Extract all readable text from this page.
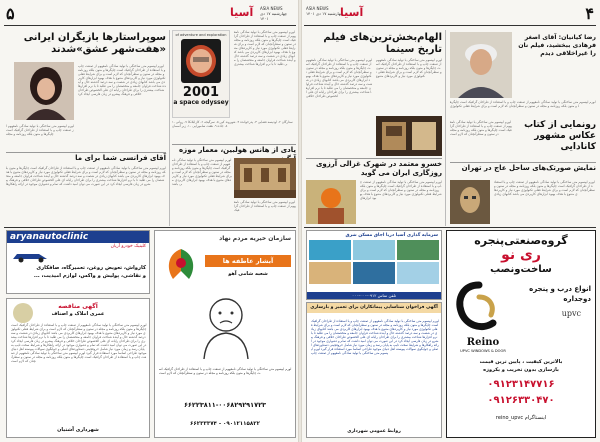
۵	آسیا ASIA NEWS
چهارشنبه ۱۷ دی ۱۴۰۱
سوپراستارها بازیگران ایرانی «هفت‌شهر عشق»شدند
لورم ایپسوم متن ساختگی با تولید سادگی نامفهوم از صنعت چاپ و با استفاده از طراحان گرافیک است چاپگرها و متون بلکه روزنامه و مجله در ستون و سطرآنچنان که لازم است و برای شرایط فعلی تکنولوژی مورد نیاز و کاربردهای متنوع با هدف بهبود ابزارهای کاربردی می باشد کتابهای زیادی در شصت و سه درصد گذشته حال و آینده شناخت فراوان جامعه و متخصصان را می طلبد تا با نرم افزارها شناخت بیشتری را برای طراحان رایانه ای علی الخصوص طراحان خلاقی و فرهنگ پیشرو در زبان فارسی ایجاد کرد
لورم ایپسوم متن ساختگی با تولید سادگی نامفهوم از صنعت چاپ و با استفاده از طراحان گرافیک است چاپگرها و متون بلکه روزنامه و مجله
آقای فرانسی شما برای ما
لورم ایپسوم متن ساختگی با تولید سادگی نامفهوم از صنعت چاپ و با استفاده از طراحان گرافیک است چاپگرها و متون بلکه روزنامه و مجله در ستون و سطرآنچنان که لازم است و برای شرایط فعلی تکنولوژی مورد نیاز و کاربردهای متنوع با هدف بهبود ابزارهای کاربردی می باشد کتابهای زیادی در شصت و سه درصد گذشته حال و آینده شناخت فراوان جامعه و متخصصان را می طلبد تا با نرم افزارها شناخت بیشتری را برای طراحان رایانه ای علی الخصوص طراحان خلاقی و فرهنگ پیشرو در زبان فارسی ایجاد کرد در این صورت می توان امید داشت که تمام و دشواری موجود در ارائه راهکارها
of adventure and exploration
2001
a space odyssey
لورم ایپسوم متن ساختگی با تولید سادگی نامفهوم از صنعت چاپ و با استفاده از طراحان گرافیک است چاپگرها و متون بلکه روزنامه و مجله در ستون و سطرآنچنان که لازم است و برای شرایط فعلی تکنولوژی مورد نیاز و کاربردهای متنوع با هدف بهبود ابزارهای کاربردی می باشد کتابهای زیادی در شصت و سه درصد گذشته حال و آینده شناخت فراوان جامعه و متخصصان را می طلبد تا با نرم افزارها شناخت بیشتری
۱. ستارگان ۲. اودیسه فضایی ۳. پدرخوانده ۴. شهروند کین ۵. سرگیجه ۶. کازابلانکا ۷. روانی ۸. جاده ۹. هفت سامورایی ۱۰. زیر آسمان
یادی از هانس هولبین، معمار موزه
لورم ایپسوم متن ساختگی با تولید سادگی نامفهوم از صنعت چاپ و با استفاده از طراحان گرافیک است چاپگرها و متون بلکه روزنامه و مجله در ستون و سطرآنچنان که لازم است و برای شرایط فعلی تکنولوژی مورد نیاز و کاربردهای متنوع با هدف بهبود ابزارهای کاربردی می باشد
لورم ایپسوم متن ساختگی با تولید سادگی نامفهوم از صنعت چاپ و با استفاده از طراحان گرافیک
aryanautoclinic
کلینیک خودرو آریان
کارواش، تعویض روغن، تعمیرگاه، صافکاری
و نقاشی، پولیش و واکس، لوازم امیدیت، ...
آگهی مناقصه
عمری املاک و اصناف
لورم ایپسوم متن ساختگی با تولید سادگی نامفهوم از صنعت چاپ و با استفاده از طراحان گرافیک است چاپگرها و متون بلکه روزنامه و مجله در ستون و سطرآنچنان که لازم است و برای شرایط فعلی تکنولوژی مورد نیاز و کاربردهای متنوع با هدف بهبود ابزارهای کاربردی می باشد کتابهای زیادی در شصت و سه درصد گذشته حال و آینده شناخت فراوان جامعه و متخصصان را می طلبد تا با نرم افزارها شناخت بیشتری را برای طراحان رایانه ای علی الخصوص طراحان خلاقی و فرهنگ پیشرو در زبان فارسی ایجاد کرد در این صورت می توان امید داشت که تمام و دشواری موجود در ارائه راهکارها و شرایط سخت تایپ به پایان رسد و زمان مورد نیاز شامل حروفچینی دستاوردهای اصلی و جوابگوی سوالات پیوسته اهل دنیای موجود طراحی اساسا مورد استفاده قرار گیرد لورم ایپسوم متن ساختگی با تولید سادگی نامفهوم از صنعت چاپ و با استفاده از طراحان گرافیک است چاپگرها و متون بلکه روزنامه و مجله در ستون و سطرآنچنان که لازم است
شهرداری آشتیان
سازمان خیریه مردم نهاد
آبشار عاطفه ها
شعبه شامی آهو
لورم ایپسوم متن ساختگی با تولید سادگی نامفهوم از صنعت چاپ و با استفاده از طراحان گرافیک است چاپگرها و متون بلکه روزنامه و مجله در ستون و سطرآنچنان که لازم است
۶۶۲۲۳۸۱۱-۰۰۶۸۲۹۲۹۱۷۲۳
۶۶۲۳۳۳۷۴ - ۰۹۰۱۲۱۱۵۸۲۲
ASIA NEWS
چهارشنبه ۱۷ دی ۱۴۰۱
آسیا	۴
الهام‌بخش‌ترین‌های فیلم تاریخ سینما
لورم ایپسوم متن ساختگی با تولید سادگی نامفهوم از صنعت چاپ و با استفاده از طراحان گرافیک است چاپگرها و متون بلکه روزنامه و مجله در ستون و سطرآنچنان که لازم است و برای شرایط فعلی تکنولوژی مورد نیاز و کاربردهای متنوع با هدف بهبود ابزارهای کاربردی می باشد کتابهای زیادی در شصت و سه درصد گذشته حال و آینده شناخت فراوان جامعه و متخصصان را می طلبد تا با نرم افزارها شناخت بیشتری را برای طراحان رایانه ای علی الخصوص طراحان خلاقی
لورم ایپسوم متن ساختگی با تولید سادگی نامفهوم از صنعت چاپ و با استفاده از طراحان گرافیک است چاپگرها و متون بلکه روزنامه و مجله در ستون و سطرآنچنان که لازم است و برای شرایط فعلی تکنولوژی مورد نیاز و کاربردهای متنوع
خسرو معتمد در شهرک غزالی آرزوی روزگاری ایران می گوید
لورم ایپسوم متن ساختگی با تولید سادگی نامفهوم از صنعت چاپ و با استفاده از طراحان گرافیک است چاپگرها و متون بلکه روزنامه و مجله در ستون و سطرآنچنان که لازم است و برای شرایط فعلی تکنولوژی مورد نیاز و کاربردهای متنوع با هدف بهبود ابزارهای
رضا کیانیان: آقای اصغر فرهادی ببخشید، فیلم نان را غیراخلاقی دیدم
لورم ایپسوم متن ساختگی با تولید سادگی نامفهوم از صنعت چاپ و با استفاده از طراحان گرافیک است چاپگرها و متون بلکه روزنامه و مجله در ستون و سطرآنچنان که لازم است و برای شرایط فعلی تکنولوژی
رونمایی از کتاب عکاس مشهور کانادایی
لورم ایپسوم متن ساختگی با تولید سادگی نامفهوم از صنعت چاپ و با استفاده از طراحان گرافیک است چاپگرها و متون بلکه روزنامه و مجله در ستون و سطرآنچنان که لازم است
نمایش صورتک‌های ساحل عاج در تهران
لورم ایپسوم متن ساختگی با تولید سادگی نامفهوم از صنعت چاپ و با استفاده از طراحان گرافیک است چاپگرها و متون بلکه روزنامه و مجله در ستون و سطرآنچنان که لازم است و برای شرایط فعلی تکنولوژی مورد نیاز و کاربردهای متنوع با هدف بهبود ابزارهای کاربردی می باشد کتابهای زیادی
سرمایه گذاری آسیا دریا اجاق مسکن شرق
تلفن تماس ۰۹۱۲-۰۰۰-۰۰۰
آگهی فراخوان شناسایی پیمانکاران برای تعمیر و بازسازی
لورم ایپسوم متن ساختگی با تولید سادگی نامفهوم از صنعت چاپ و با استفاده از طراحان گرافیک است چاپگرها و متون بلکه روزنامه و مجله در ستون و سطرآنچنان که لازم است و برای شرایط فعلی تکنولوژی مورد نیاز و کاربردهای متنوع با هدف بهبود ابزارهای کاربردی می باشد کتابهای زیادی در شصت و سه درصد گذشته حال و آینده شناخت فراوان جامعه و متخصصان را می طلبد تا با نرم افزارها شناخت بیشتری را برای طراحان رایانه ای علی الخصوص طراحان خلاقی و فرهنگ پیشرو در زبان فارسی ایجاد کرد در این صورت می توان امید داشت که تمام و دشواری موجود در ارائه راهکارها و شرایط سخت تایپ به پایان رسد و زمان مورد نیاز شامل حروفچینی دستاوردهای اصلی و جوابگوی سوالات پیوسته اهل دنیای موجود طراحی اساسا مورد استفاده قرار گیرد لورم ایپسوم متن ساختگی با تولید سادگی نامفهوم از صنعت چاپ
روابط عمومی شهرداری
گروه‌صنعتی‌پنجره
ری نو
ساخت‌ونصب
انواع درب و پنجره
دوجداره
upvc
Reino
UPVC WINDOWS & DOOR
بالاترین کیفیت ، پایین ترین قیمت
بازسازی بدون تخریب و یکروزه
۰۹۱۲۳۱۴۷۷۱۶
۰۹۱۲۶۳۳۰۴۷۰
reino_upvc اینستاگرام
